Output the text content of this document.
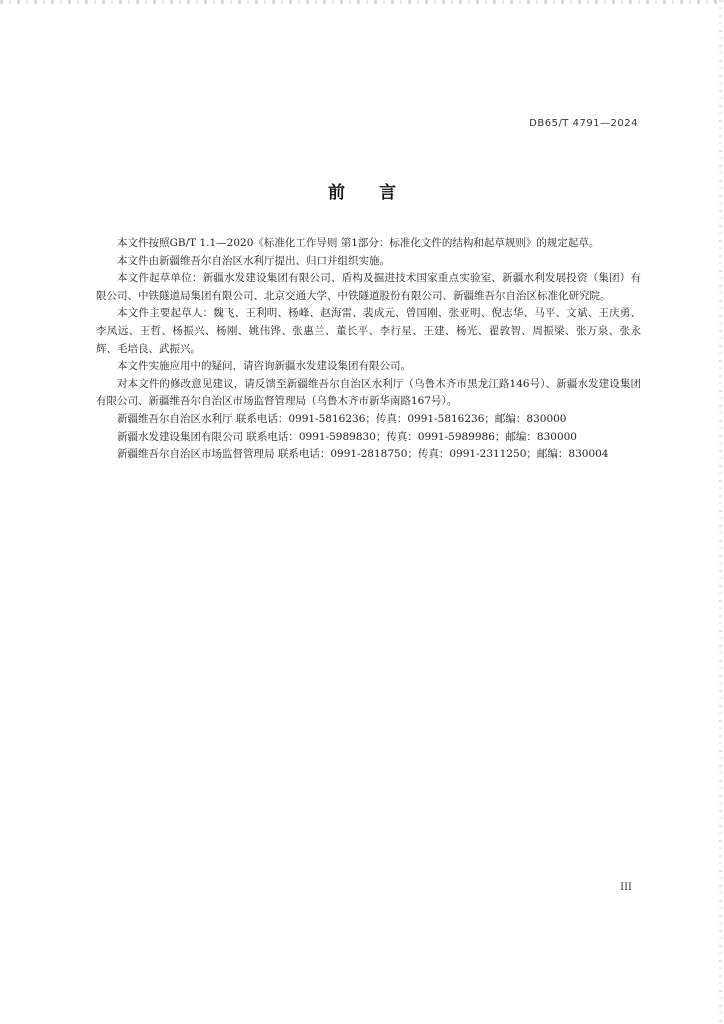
DB65/T 4791—2024
前言

本文件按照GB/T 1.1—2020《标准化工作导则 第1部分：标准化文件的结构和起草规则》的规定起草。

本文件由新疆维吾尔自治区水利厅提出、归口并组织实施。

本文件起草单位：新疆水发建设集团有限公司、盾构及掘进技术国家重点实验室、新疆水利发展投资（集团）有限公司、中铁隧道局集团有限公司、北京交通大学、中铁隧道股份有限公司、新疆维吾尔自治区标准化研究院。

本文件主要起草人：魏飞、王利明、杨峰、赵海雷、裴成元、曾国刚、张亚明、倪志华、马平、文斌、王庆勇、李凤远、王哲、杨振兴、杨刚、姚伟铧、张惠兰、董长平、李行星、王建、杨光、翟敦智、周振梁、张万泉、张永辉、毛培良、武振兴。

本文件实施应用中的疑问，请咨询新疆水发建设集团有限公司。

对本文件的修改意见建议，请反馈至新疆维吾尔自治区水利厅（乌鲁木齐市黑龙江路146号）、新疆水发建设集团有限公司、新疆维吾尔自治区市场监督管理局（乌鲁木齐市新华南路167号）。

新疆维吾尔自治区水利厅 联系电话：0991-5816236；传真：0991-5816236；邮编：830000
新疆水发建设集团有限公司 联系电话：0991-5989830；传真：0991-5989986；邮编：830000
新疆维吾尔自治区市场监督管理局 联系电话：0991-2818750；传真：0991-2311250；邮编：830004
III
